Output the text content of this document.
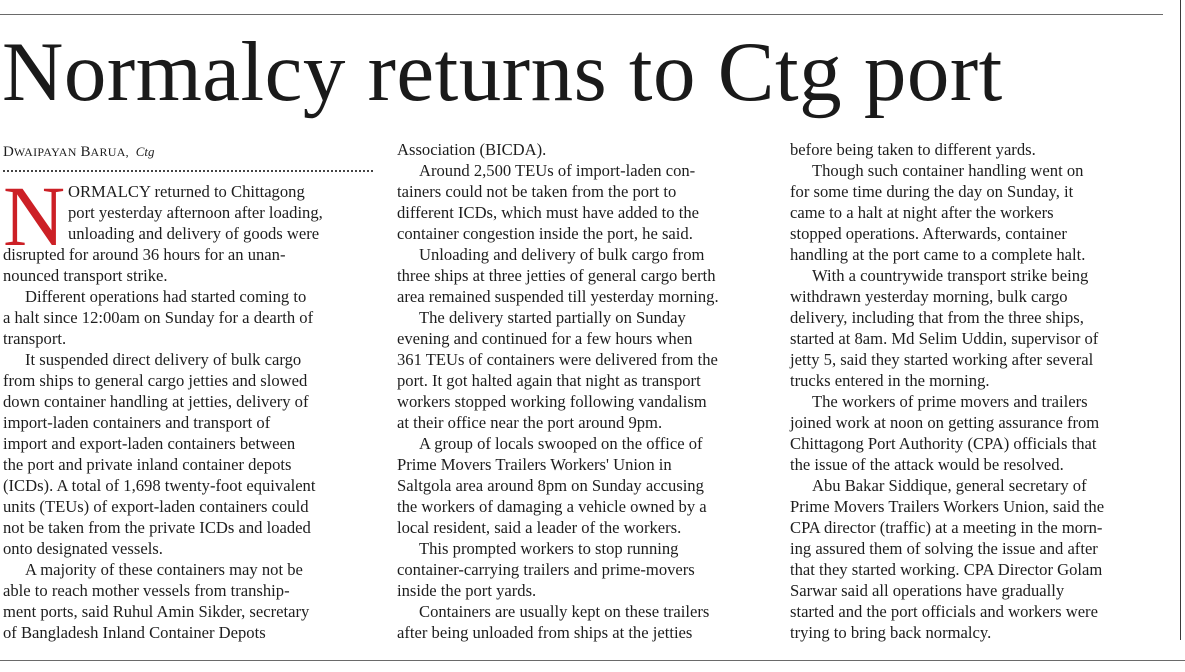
Normalcy returns to Ctg port
DWAIPAYAN BARUA, Ctg
N ORMALCY returned to Chittagong
port yesterday afternoon after loading,
unloading and delivery of goods were
disrupted for around 36 hours for an unan-
nounced transport strike.
Different operations had started coming to
a halt since 12:00am on Sunday for a dearth of
transport.
It suspended direct delivery of bulk cargo
from ships to general cargo jetties and slowed
down container handling at jetties, delivery of
import-laden containers and transport of
import and export-laden containers between
the port and private inland container depots
(ICDs). A total of 1,698 twenty-foot equivalent
units (TEUs) of export-laden containers could
not be taken from the private ICDs and loaded
onto designated vessels.
A majority of these containers may not be
able to reach mother vessels from tranship-
ment ports, said Ruhul Amin Sikder, secretary
of Bangladesh Inland Container Depots
Association (BICDA).
Around 2,500 TEUs of import-laden con-
tainers could not be taken from the port to
different ICDs, which must have added to the
container congestion inside the port, he said.
Unloading and delivery of bulk cargo from
three ships at three jetties of general cargo berth
area remained suspended till yesterday morning.
The delivery started partially on Sunday
evening and continued for a few hours when
361 TEUs of containers were delivered from the
port. It got halted again that night as transport
workers stopped working following vandalism
at their office near the port around 9pm.
A group of locals swooped on the office of
Prime Movers Trailers Workers' Union in
Saltgola area around 8pm on Sunday accusing
the workers of damaging a vehicle owned by a
local resident, said a leader of the workers.
This prompted workers to stop running
container-carrying trailers and prime-movers
inside the port yards.
Containers are usually kept on these trailers
after being unloaded from ships at the jetties
before being taken to different yards.
Though such container handling went on
for some time during the day on Sunday, it
came to a halt at night after the workers
stopped operations. Afterwards, container
handling at the port came to a complete halt.
With a countrywide transport strike being
withdrawn yesterday morning, bulk cargo
delivery, including that from the three ships,
started at 8am. Md Selim Uddin, supervisor of
jetty 5, said they started working after several
trucks entered in the morning.
The workers of prime movers and trailers
joined work at noon on getting assurance from
Chittagong Port Authority (CPA) officials that
the issue of the attack would be resolved.
Abu Bakar Siddique, general secretary of
Prime Movers Trailers Workers Union, said the
CPA director (traffic) at a meeting in the morn-
ing assured them of solving the issue and after
that they started working. CPA Director Golam
Sarwar said all operations have gradually
started and the port officials and workers were
trying to bring back normalcy.
